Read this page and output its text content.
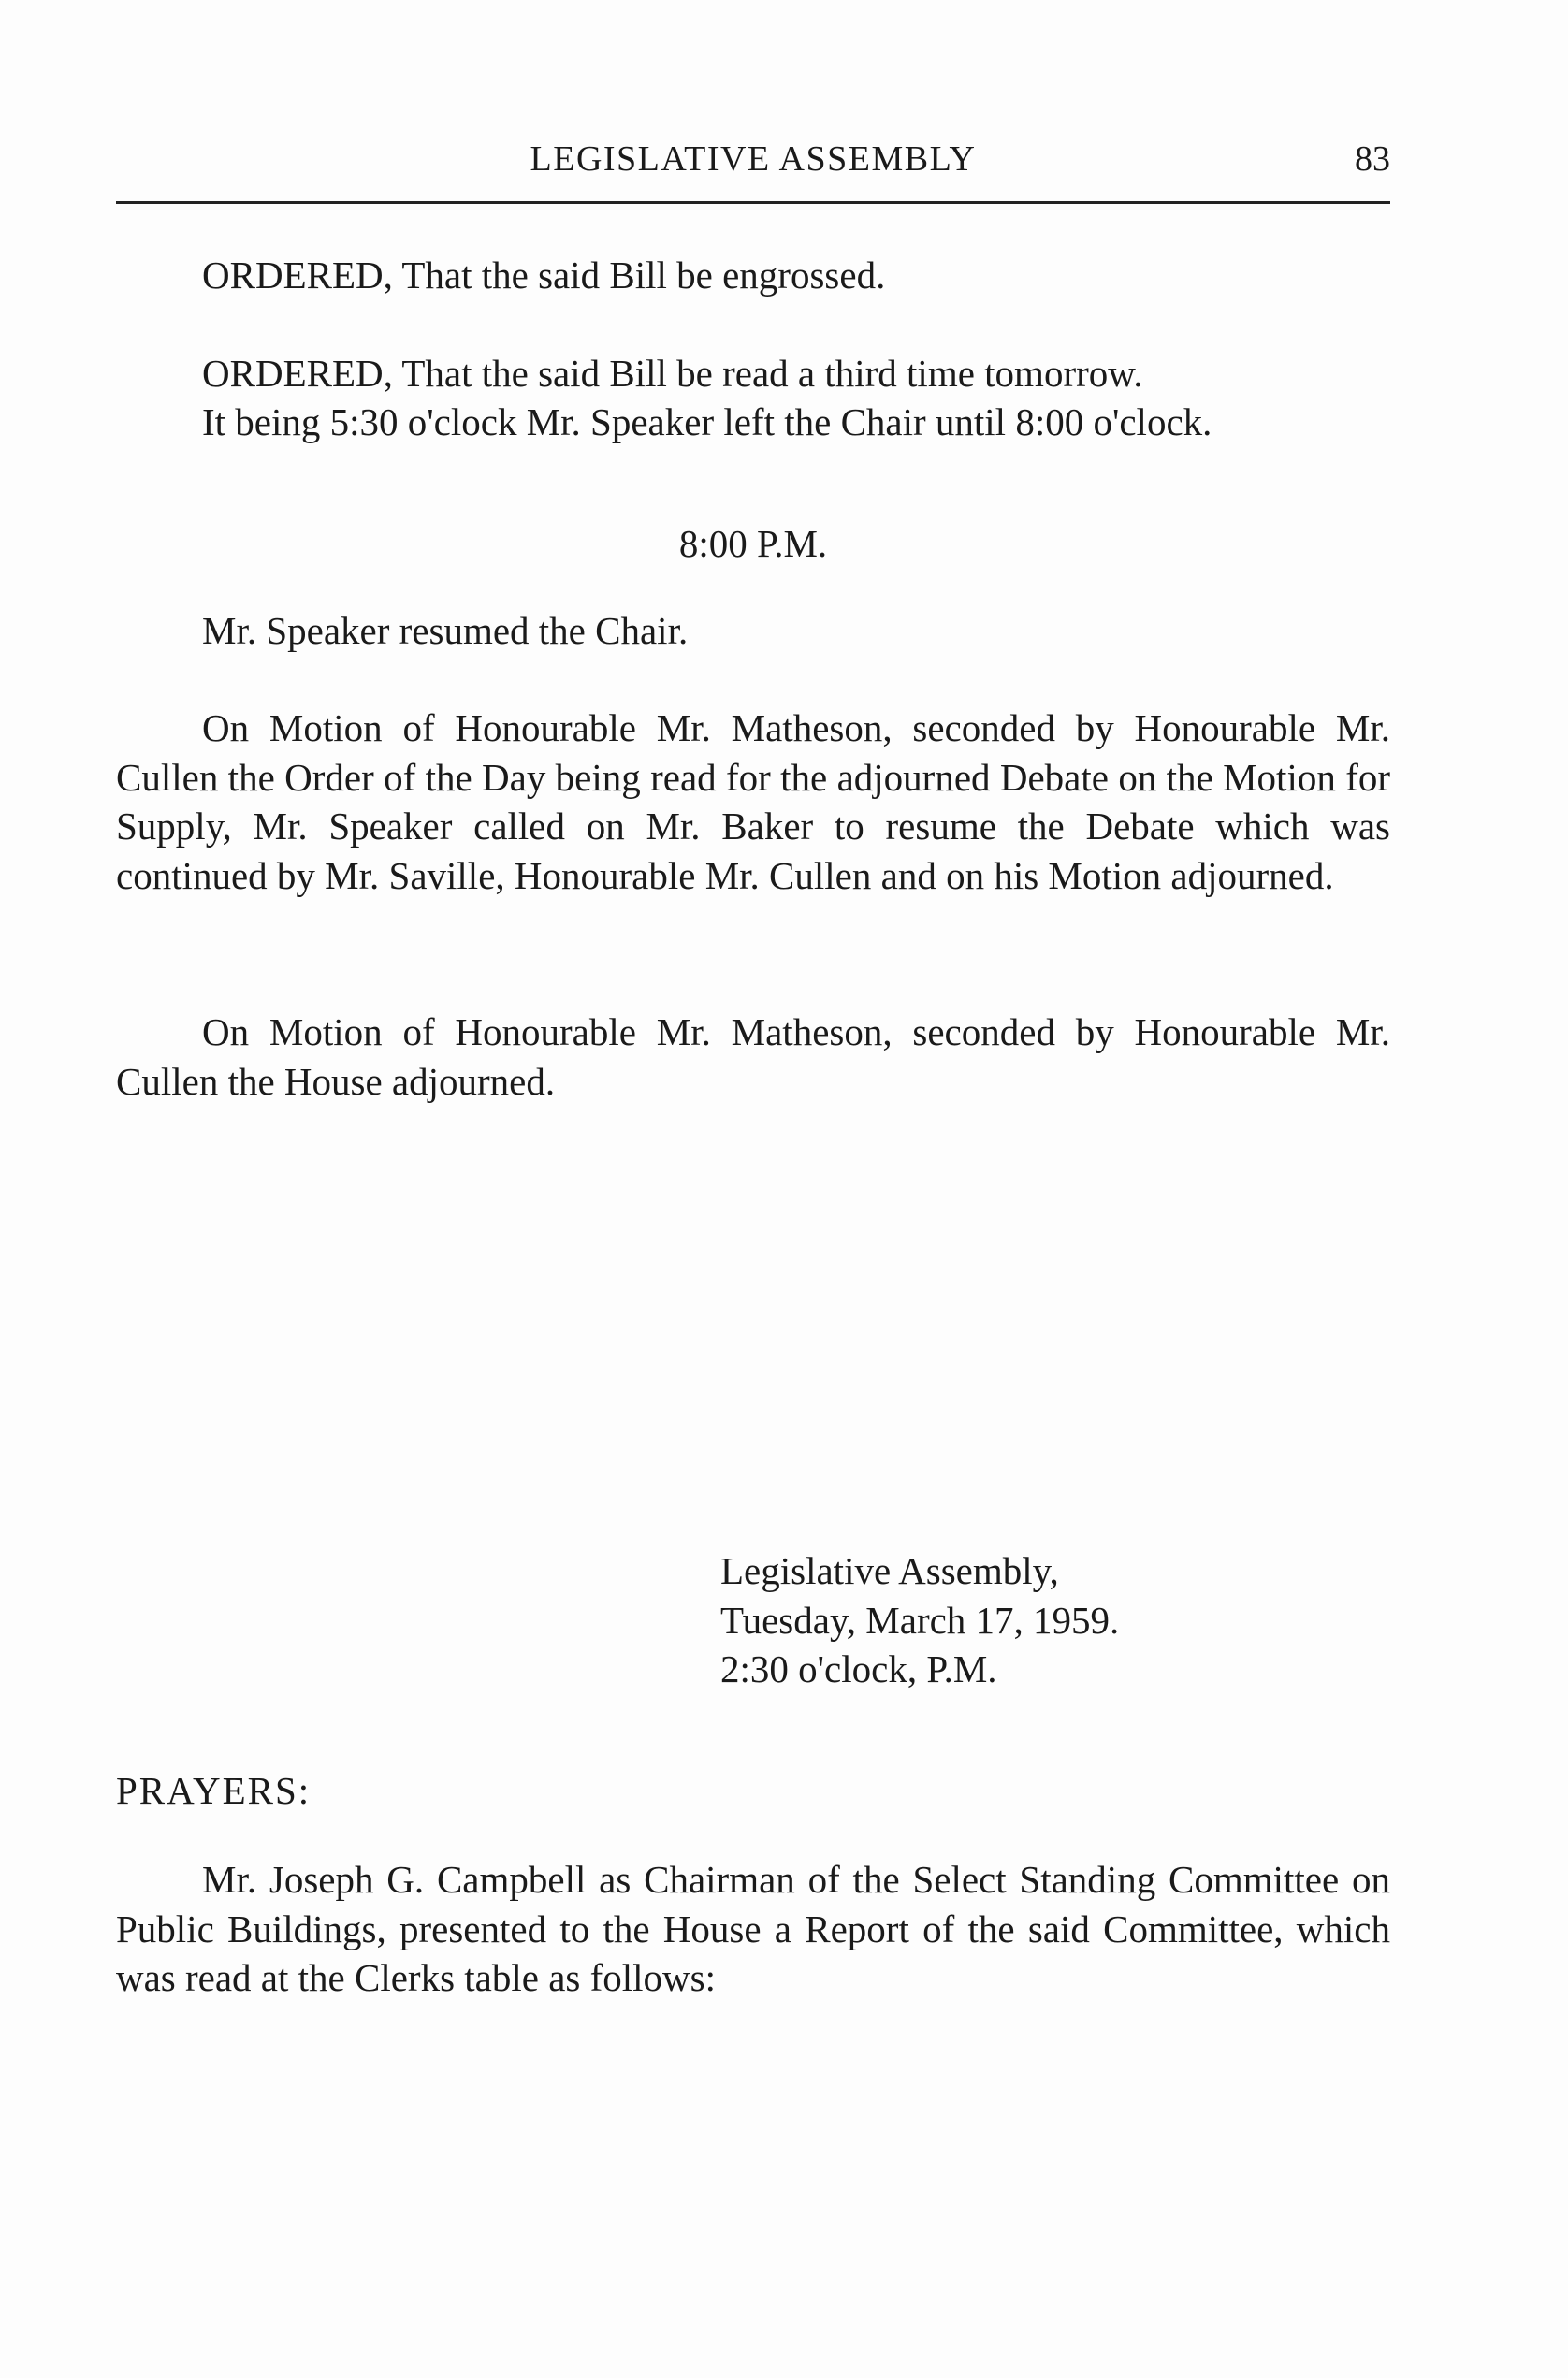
LEGISLATIVE ASSEMBLY	83

ORDERED, That the said Bill be engrossed.

ORDERED, That the said Bill be read a third time tomorrow.

It being 5:30 o'clock Mr. Speaker left the Chair until 8:00 o'clock.

8:00 P.M.

Mr. Speaker resumed the Chair.

On Motion of Honourable Mr. Matheson, seconded by Honourable Mr. Cullen the Order of the Day being read for the adjourned Debate on the Motion for Supply, Mr. Speaker called on Mr. Baker to resume the Debate which was continued by Mr. Saville, Honourable Mr. Cullen and on his Motion adjourned.

On Motion of Honourable Mr. Matheson, seconded by Honourable Mr. Cullen the House adjourned.

Legislative Assembly,
Tuesday, March 17, 1959.
2:30 o'clock, P.M.
PRAYERS:

Mr. Joseph G. Campbell as Chairman of the Select Standing Committee on Public Buildings, presented to the House a Report of the said Committee, which was read at the Clerks table as follows:
